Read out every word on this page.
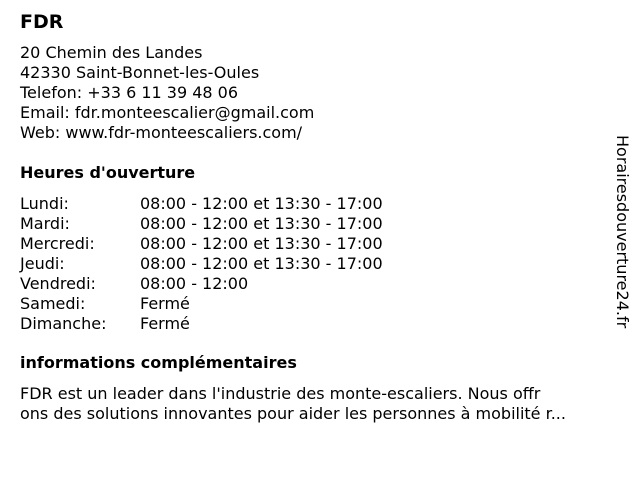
FDR
20 Chemin des Landes
42330 Saint-Bonnet-les-Oules
Telefon: +33 6 11 39 48 06
Email: fdr.monteescalier@gmail.com
Web: www.fdr-monteescaliers.com/
Heures d'ouverture
Lundi:	08:00 - 12:00 et 13:30 - 17:00
Mardi:	08:00 - 12:00 et 13:30 - 17:00
Mercredi:	08:00 - 12:00 et 13:30 - 17:00
Jeudi:	08:00 - 12:00 et 13:30 - 17:00
Vendredi:	08:00 - 12:00
Samedi:	Fermé
Dimanche:	Fermé
informations complémentaires
FDR est un leader dans l'industrie des monte-escaliers. Nous offr
ons des solutions innovantes pour aider les personnes à mobilité r...
Horairesdouverture24.fr
